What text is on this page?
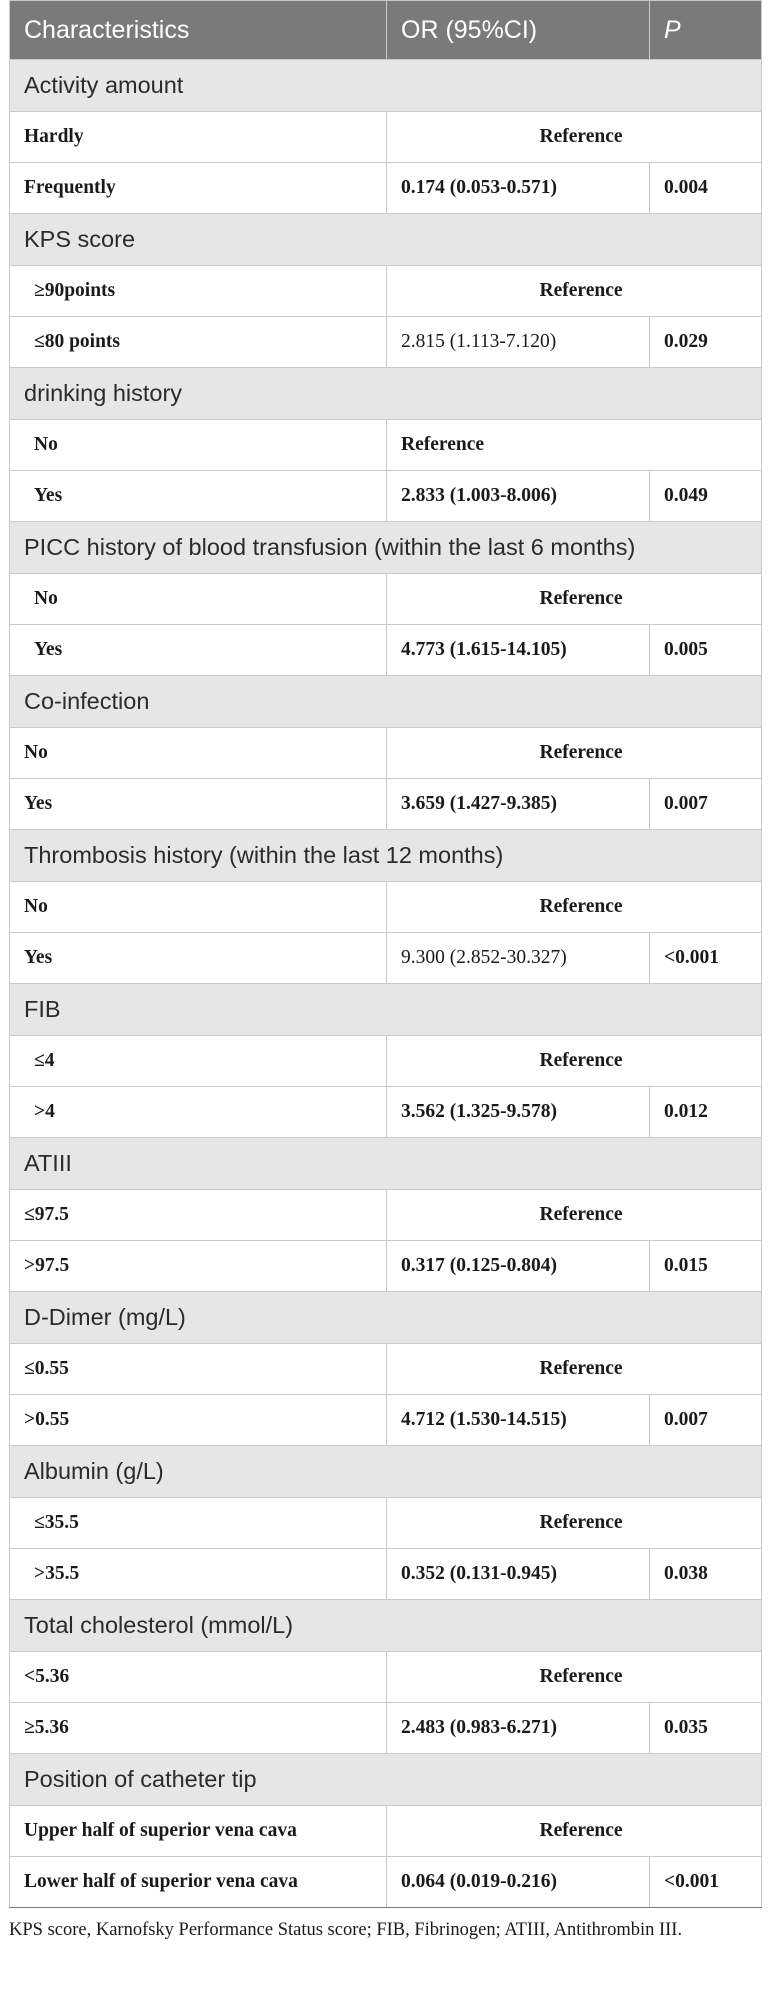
Characteristics	OR (95%CI)	P
Activity amount		
Hardly	Reference	
Frequently	0.174 (0.053-0.571)	0.004
KPS score		
≥90points	Reference	
≤80 points	2.815 (1.113-7.120)	0.029
drinking history		
No	Reference	
Yes	2.833 (1.003-8.006)	0.049
PICC history of blood transfusion (within the last 6 months)		
No	Reference	
Yes	4.773 (1.615-14.105)	0.005
Co-infection		
No	Reference	
Yes	3.659 (1.427-9.385)	0.007
Thrombosis history (within the last 12 months)		
No	Reference	
Yes	9.300 (2.852-30.327)	<0.001
FIB		
≤4	Reference	
>4	3.562 (1.325-9.578)	0.012
ATIII		
≤97.5	Reference	
>97.5	0.317 (0.125-0.804)	0.015
D-Dimer (mg/L)		
≤0.55	Reference	
>0.55	4.712 (1.530-14.515)	0.007
Albumin (g/L)		
≤35.5	Reference	
>35.5	0.352 (0.131-0.945)	0.038
Total cholesterol (mmol/L)		
<5.36	Reference	
≥5.36	2.483 (0.983-6.271)	0.035
Position of catheter tip		
Upper half of superior vena cava	Reference	
Lower half of superior vena cava	0.064 (0.019-0.216)	<0.001
KPS score, Karnofsky Performance Status score; FIB, Fibrinogen; ATIII, Antithrombin III.
